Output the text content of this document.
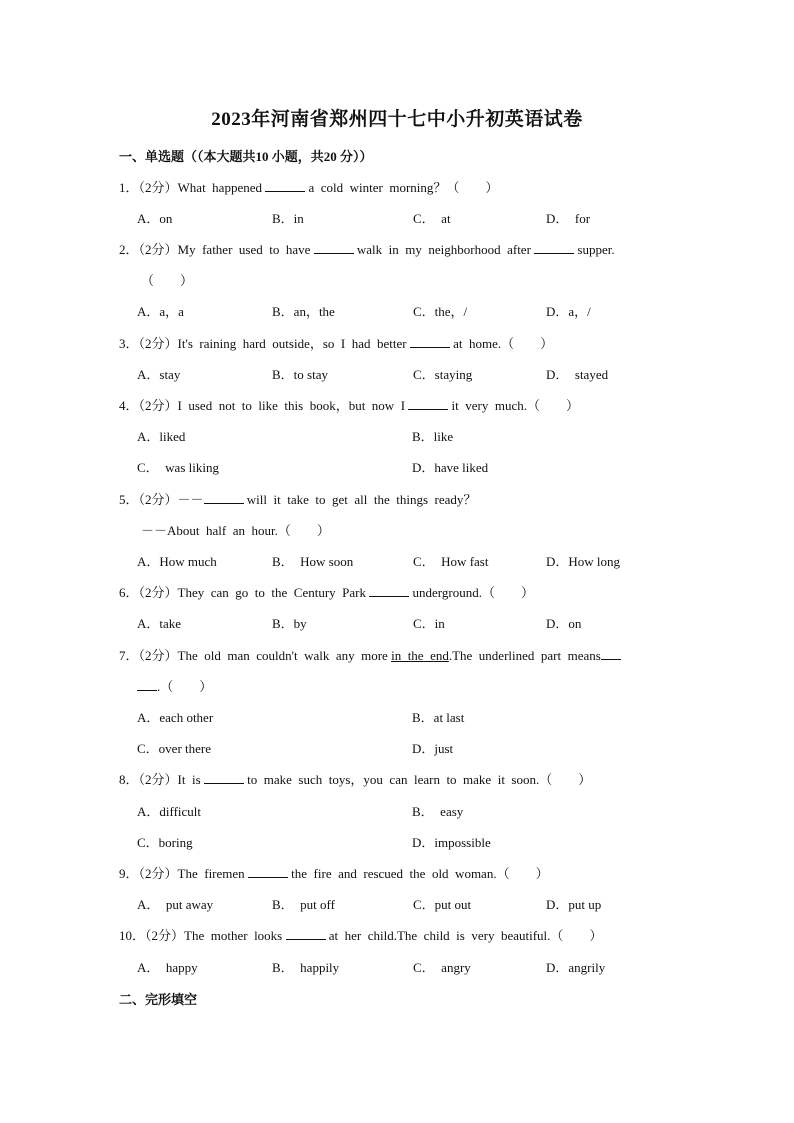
2023年河南省郑州四十七中小升初英语试卷
一、单选题（（本大题共10 小题，共20 分））
1．（2分）What  happened	a  cold  winter  morning？（        ）
A．on	B．in	C．  at	D．  for
2．（2分）My  father  used  to  have	walk  in  my  neighborhood  after	supper.
（        ）
A．a，a	B．an，the	C．the，/	D．a，/
3．（2分）It's  raining  hard  outside，so  I  had  better	at  home.（        ）
A．stay	B．to stay	C．staying	D．  stayed
4．（2分）I  used  not  to  like  this  book，but  now  I	it  very  much.（        ）
A．liked	B．like
C．  was liking	D．have liked
5．（2分）－－	will  it  take  to  get  all  the  things  ready？
－－About  half  an  hour.（        ）
A．How much	B．  How soon	C．  How fast	D．How long
6．（2分）They  can  go  to  the  Century  Park	underground.（        ）
A．take	B．by	C．in	D．on
7．（2分）The  old  man  couldn't  walk  any  more in  the  end.The  underlined  part  means
.（        ）
A．each other	B．at last
C．over there	D．just
8．（2分）It  is	to  make  such  toys，you  can  learn  to  make  it  soon.（        ）
A．difficult	B．  easy
C．boring	D．impossible
9．（2分）The  firemen	the  fire  and  rescued  the  old  woman.（        ）
A．  put away	B．  put off	C．put out	D．put up
10．（2分）The  mother  looks	at  her  child.The  child  is  very  beautiful.（        ）
A．  happy	B．  happily	C．  angry	D．angrily
二、完形填空
